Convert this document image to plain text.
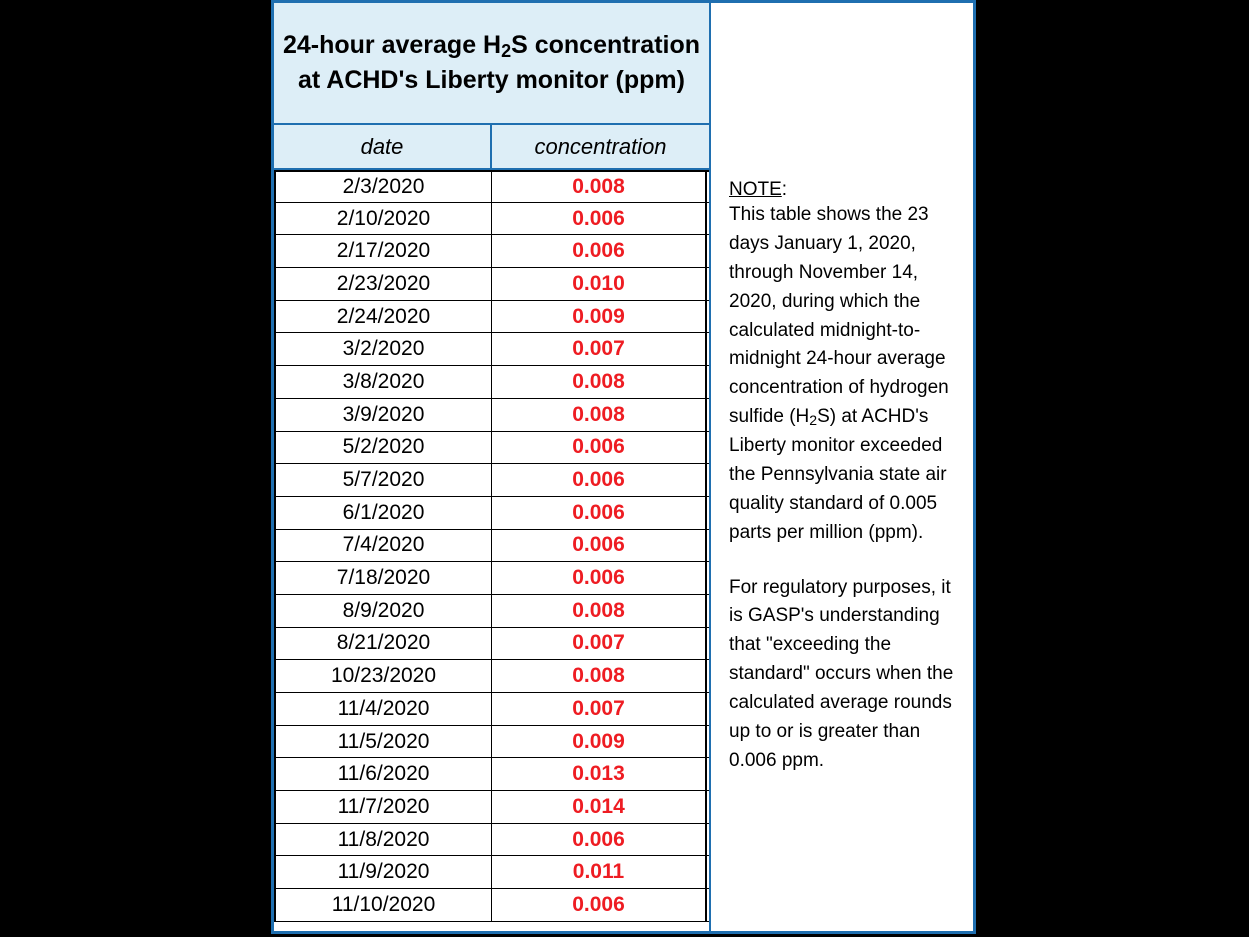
24-hour average $H_2S$ concentration at ACHD's Liberty monitor (ppm)
date	concentration
2/3/2020	0.008
2/10/2020	0.006
2/17/2020	0.006
2/23/2020	0.010
2/24/2020	0.009
3/2/2020	0.007
3/8/2020	0.008
3/9/2020	0.008
5/2/2020	0.006
5/7/2020	0.006
6/1/2020	0.006
7/4/2020	0.006
7/18/2020	0.006
8/9/2020	0.008
8/21/2020	0.007
10/23/2020	0.008
11/4/2020	0.007
11/5/2020	0.009
11/6/2020	0.013
11/7/2020	0.014
11/8/2020	0.006
11/9/2020	0.011
11/10/2020	0.006
NOTE:

This table shows the 23 days January 1, 2020, through November 14, 2020, during which the calculated midnight-to-midnight 24-hour average concentration of hydrogen sulfide $(H_2S)$ at ACHD's Liberty monitor exceeded the Pennsylvania state air quality standard of 0.005 parts per million (ppm).

For regulatory purposes, it is GASP's understanding that "exceeding the standard" occurs when the calculated average rounds up to or is greater than 0.006 ppm.
